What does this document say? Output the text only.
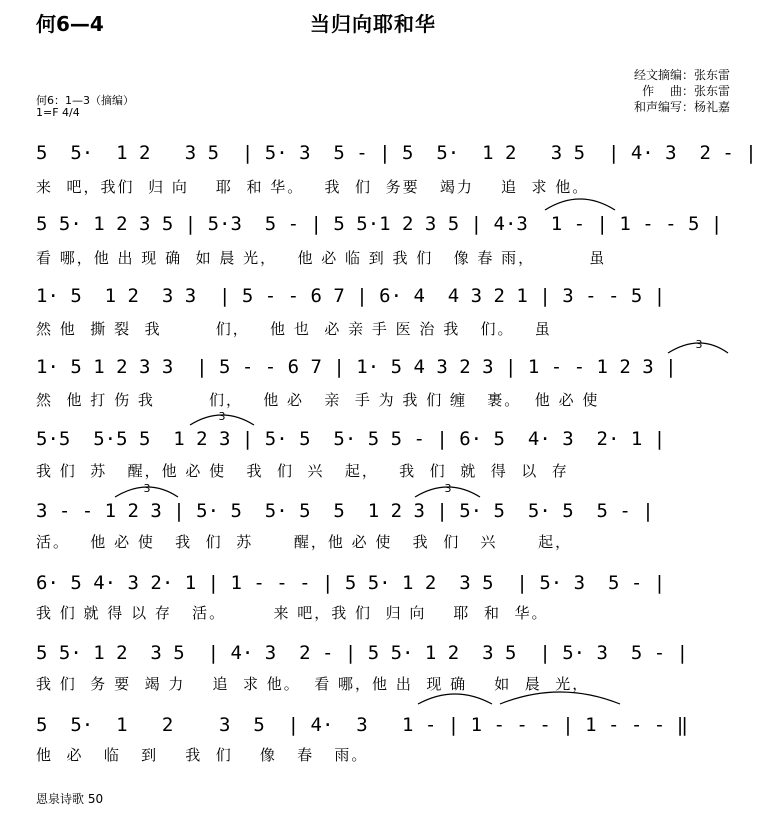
何6—4	当归向耶和华
经文摘编：张东雷
作　 曲：张东雷
和声编写：杨礼嘉
何6：1—3（摘编）
1=F 4/4
5  5·  1 2   3 5  | 5· 3  5 - | 5  5·  1 2   3 5  | 4· 3  2 - |
来  吧，我们  归 向    耶  和 华。   我  们  务要   竭力    追  求 他。
5 5· 1 2 3 5 | 5·3  5 - | 5 5·1 2 3 5 | 4·3  1 - | 1 - - 5 |
看 哪，他 出 现 确  如 晨 光，   他 必 临 到 我 们   像 春 雨，        虽
1· 5  1 2  3 3  | 5 - - 6 7 | 6· 4  4 3 2 1 | 3 - - 5 |
然 他  撕 裂  我        们，   他 也  必 亲 手 医 治 我   们。   虽
1· 5 1 2 3 3  | 5 - - 6 7 | 1· 5 4 3 2 3 | 1 - - 1 2 3 |
然  他 打 伤 我        们，   他 必   亲  手 为 我 们 缠   裹。  他 必 使
5·5  5·5 5  1 2 3 | 5· 5  5· 5 5 - | 6· 5  4· 3  2· 1 |
我 们  苏   醒，他 必 使   我  们  兴   起，   我  们  就  得  以  存
3 - - 1 2 3 | 5· 5  5· 5  5  1 2 3 | 5· 5  5· 5  5 - |
活。   他 必 使   我  们  苏      醒，他 必 使   我  们   兴      起，
6· 5 4· 3 2· 1 | 1 - - - | 5 5· 1 2  3 5  | 5· 3  5 - |
我 们 就 得 以 存   活。       来 吧，我 们  归 向    耶  和  华。
5 5· 1 2  3 5  | 4· 3  2 - | 5 5· 1 2  3 5  | 5· 3  5 - |
我 们  务 要  竭 力    追  求 他。  看 哪，他 出  现 确    如  晨  光，
5  5·  1   2    3  5  | 4·  3   1 - | 1 - - - | 1 - - - ‖
他  必   临   到    我  们    像   春   雨。
3
3
3	3
恩泉诗歌 50
